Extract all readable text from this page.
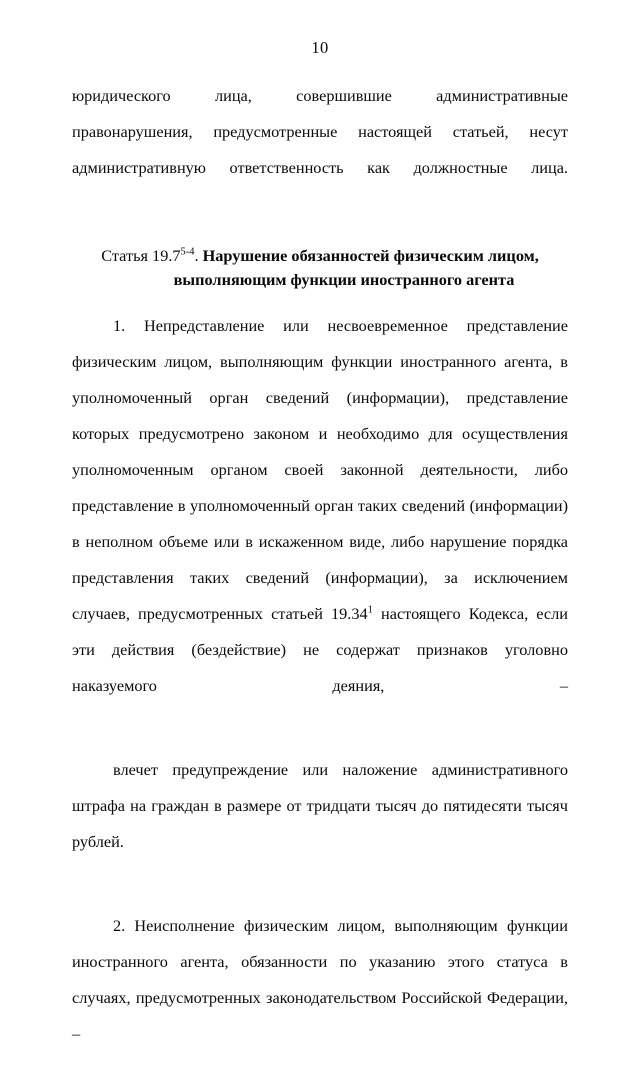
10

юридического лица, совершившие административные правонарушения, предусмотренные настоящей статьей, несут административную ответственность как должностные лица.

Статья 19.7$^{5-4}$. Нарушение обязанностей физическим лицом,
выполняющим функции иностранного агента

1. Непредставление или несвоевременное представление физическим лицом, выполняющим функции иностранного агента, в уполномоченный орган сведений (информации), представление которых предусмотрено законом и необходимо для осуществления уполномоченным органом своей законной деятельности, либо представление в уполномоченный орган таких сведений (информации) в неполном объеме или в искаженном виде, либо нарушение порядка представления таких сведений (информации), за исключением случаев, предусмотренных статьей 19.34$^1$ настоящего Кодекса, если эти действия (бездействие) не содержат признаков уголовно наказуемого деяния, –

влечет предупреждение или наложение административного штрафа на граждан в размере от тридцати тысяч до пятидесяти тысяч рублей.

2. Неисполнение физическим лицом, выполняющим функции иностранного агента, обязанности по указанию этого статуса в случаях, предусмотренных законодательством Российской Федерации, –
